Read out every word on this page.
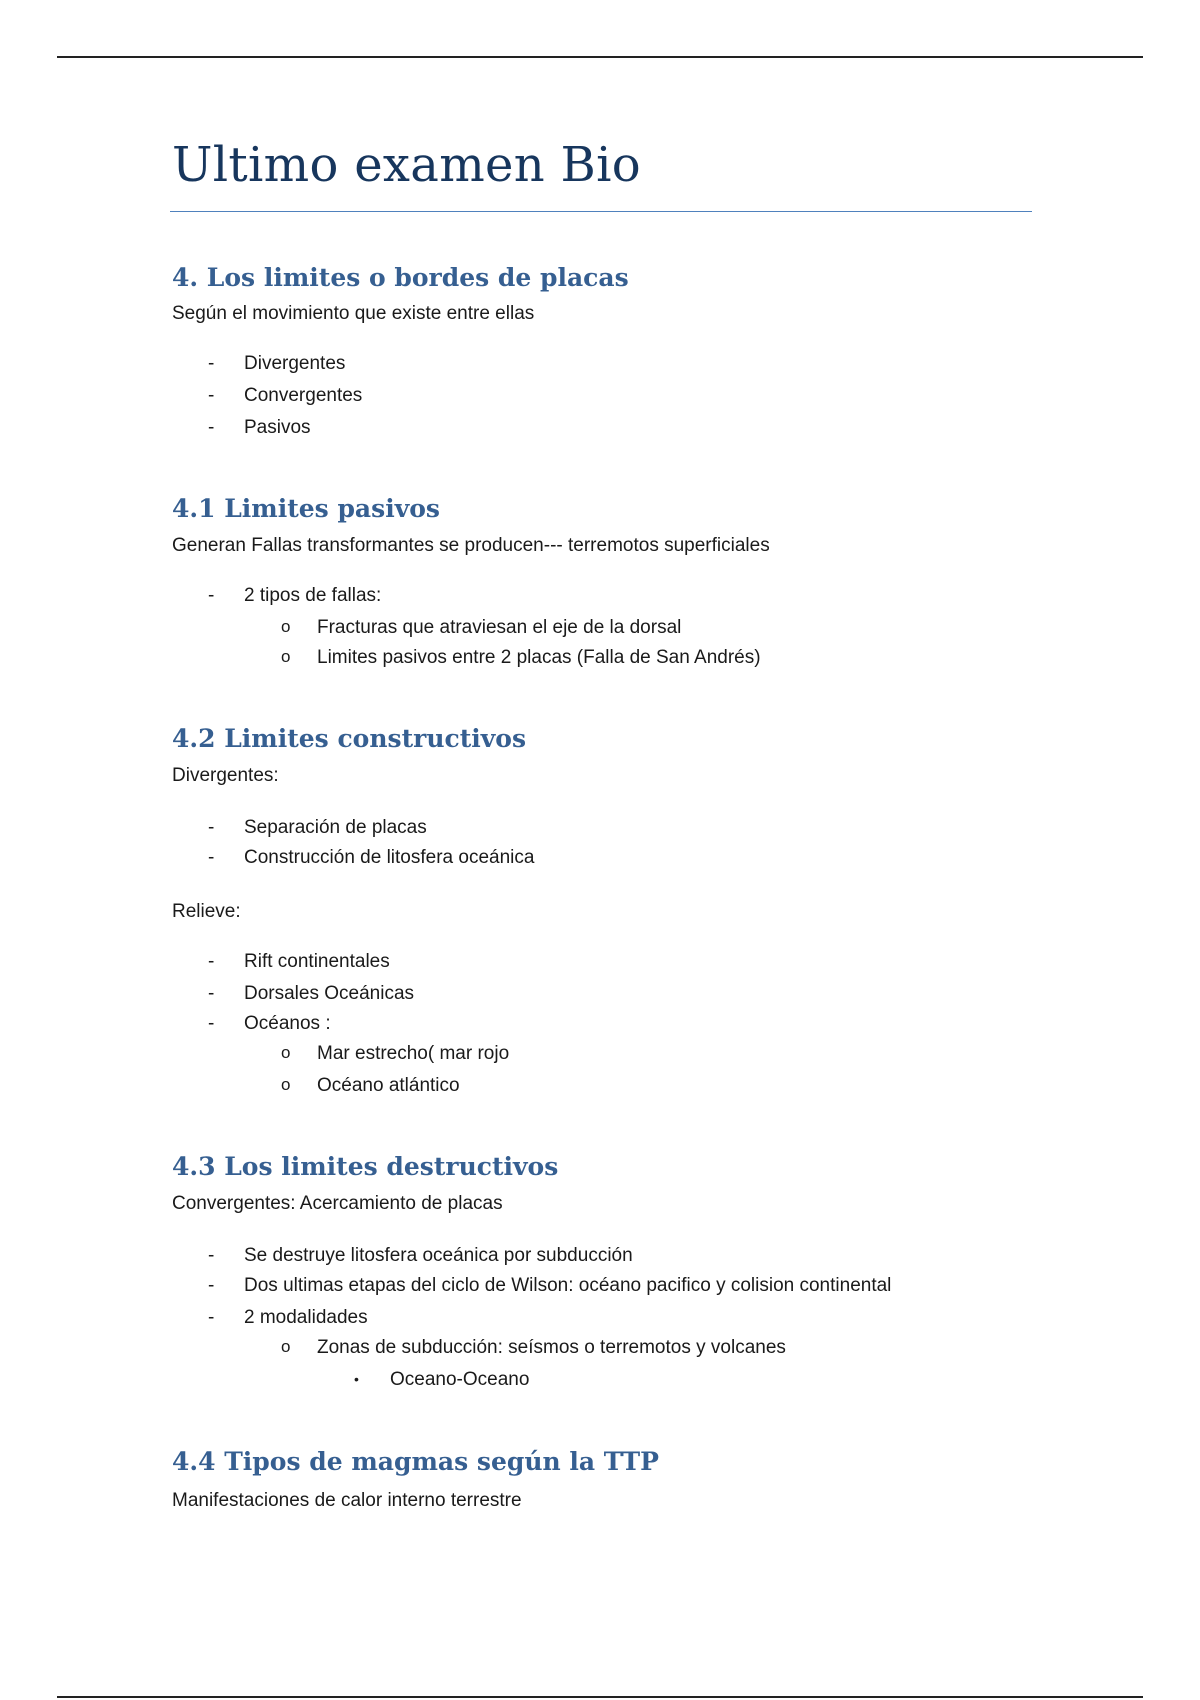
Ultimo examen Bio
4. Los limites o bordes de placas

Según el movimiento que existe entre ellas

- Divergentes
- Convergentes
- Pasivos
4.1 Limites pasivos

Generan Fallas transformantes se producen--- terremotos superficiales

- 2 tipos de fallas:
o Fracturas que atraviesan el eje de la dorsal
o Limites pasivos entre 2 placas (Falla de San Andrés)
4.2 Limites constructivos

Divergentes:

- Separación de placas
- Construcción de litosfera oceánica

Relieve:

- Rift continentales
- Dorsales Oceánicas
- Océanos :
o Mar estrecho( mar rojo
o Océano atlántico
4.3 Los limites destructivos

Convergentes: Acercamiento de placas

- Se destruye litosfera oceánica por subducción
- Dos ultimas etapas del ciclo de Wilson: océano pacifico y colision continental
- 2 modalidades
o Zonas de subducción: seísmos o terremotos y volcanes
• Oceano-Oceano
4.4 Tipos de magmas según la TTP

Manifestaciones de calor interno terrestre
